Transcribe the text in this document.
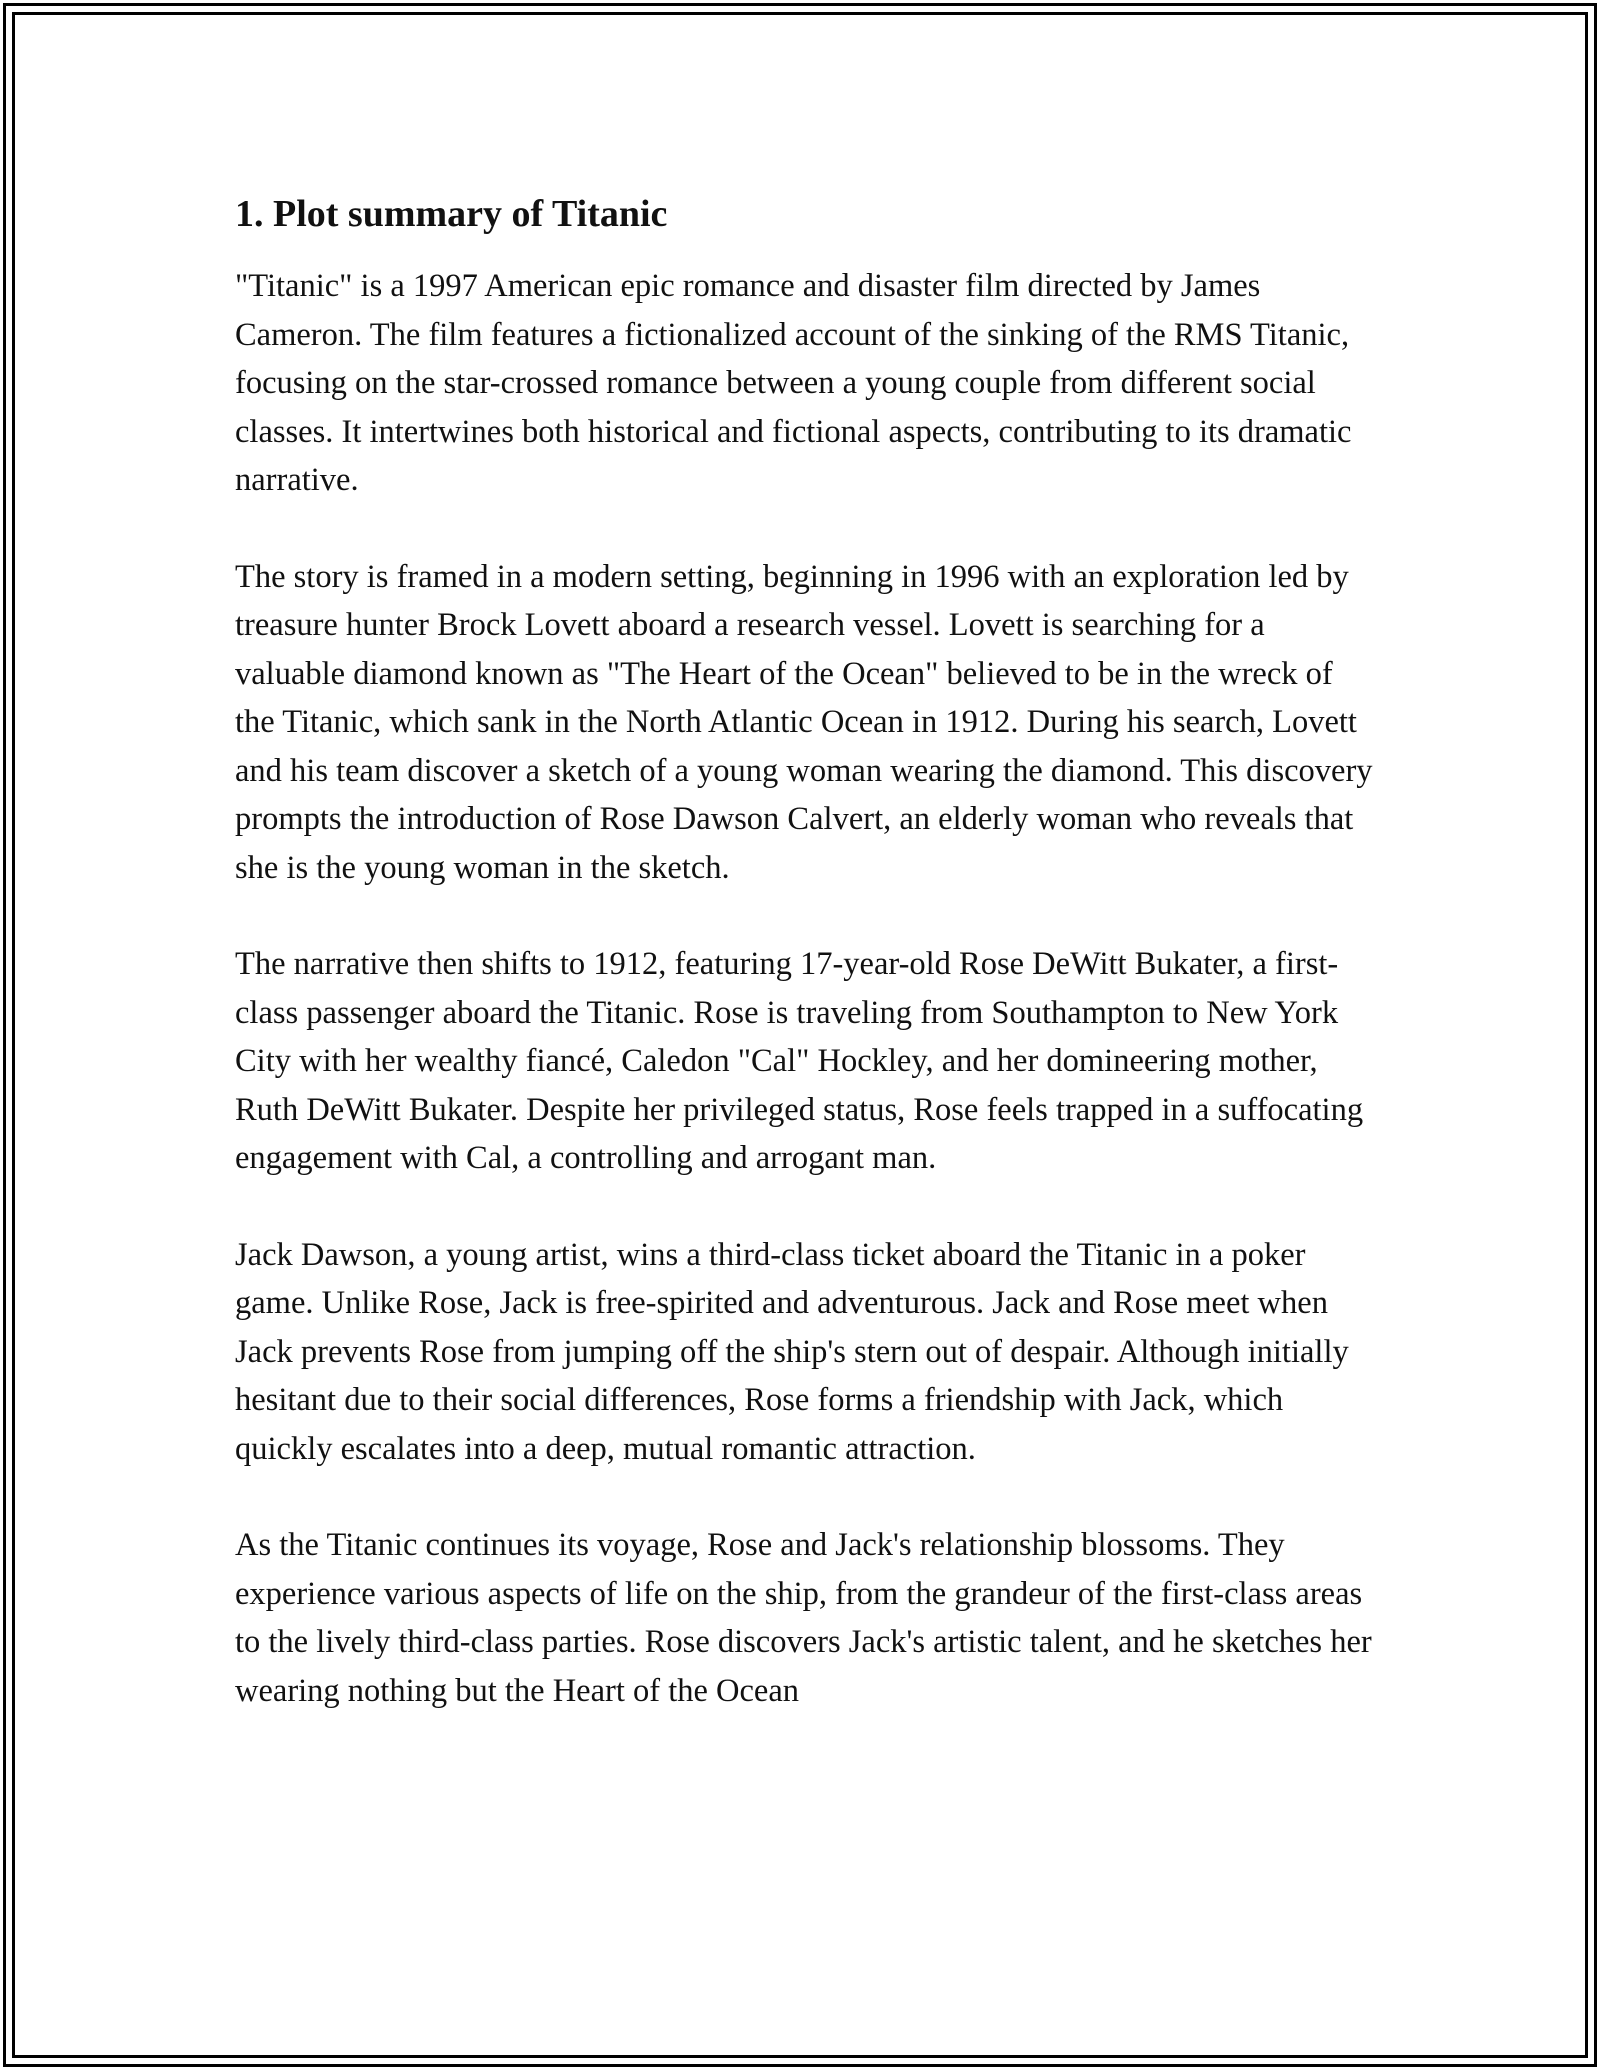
1. Plot summary of Titanic

"Titanic" is a 1997 American epic romance and disaster film directed by James Cameron. The film features a fictionalized account of the sinking of the RMS Titanic, focusing on the star-crossed romance between a young couple from different social classes. It intertwines both historical and fictional aspects, contributing to its dramatic narrative.

The story is framed in a modern setting, beginning in 1996 with an exploration led by treasure hunter Brock Lovett aboard a research vessel. Lovett is searching for a valuable diamond known as "The Heart of the Ocean" believed to be in the wreck of the Titanic, which sank in the North Atlantic Ocean in 1912. During his search, Lovett and his team discover a sketch of a young woman wearing the diamond. This discovery prompts the introduction of Rose Dawson Calvert, an elderly woman who reveals that she is the young woman in the sketch.

The narrative then shifts to 1912, featuring 17-year-old Rose DeWitt Bukater, a first-class passenger aboard the Titanic. Rose is traveling from Southampton to New York City with her wealthy fiancé, Caledon "Cal" Hockley, and her domineering mother, Ruth DeWitt Bukater. Despite her privileged status, Rose feels trapped in a suffocating engagement with Cal, a controlling and arrogant man.

Jack Dawson, a young artist, wins a third-class ticket aboard the Titanic in a poker game. Unlike Rose, Jack is free-spirited and adventurous. Jack and Rose meet when Jack prevents Rose from jumping off the ship's stern out of despair. Although initially hesitant due to their social differences, Rose forms a friendship with Jack, which quickly escalates into a deep, mutual romantic attraction.

As the Titanic continues its voyage, Rose and Jack's relationship blossoms. They experience various aspects of life on the ship, from the grandeur of the first-class areas to the lively third-class parties. Rose discovers Jack's artistic talent, and he sketches her wearing nothing but the Heart of the Ocean
